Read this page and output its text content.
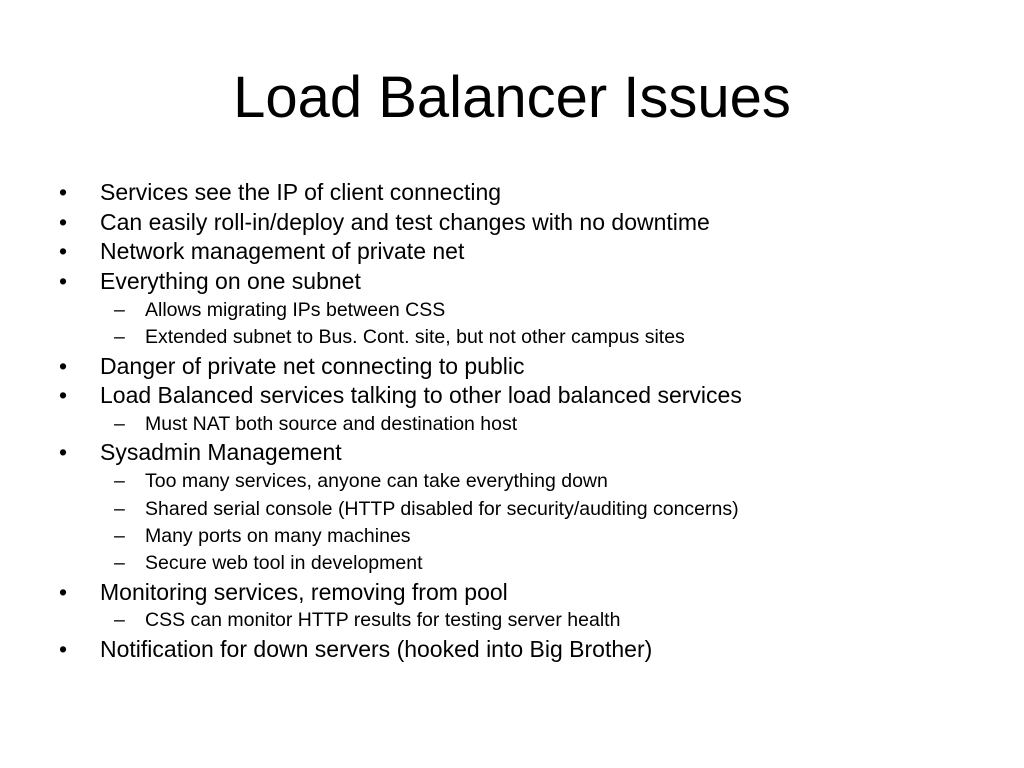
Load Balancer Issues
• Services see the IP of client connecting
• Can easily roll-in/deploy and test changes with no downtime
• Network management of private net
• Everything on one subnet
– Allows migrating IPs between CSS
– Extended subnet to Bus. Cont. site, but not other campus sites
• Danger of private net connecting to public
• Load Balanced services talking to other load balanced services
– Must NAT both source and destination host
• Sysadmin Management
– Too many services, anyone can take everything down
– Shared serial console (HTTP disabled for security/auditing concerns)
– Many ports on many machines
– Secure web tool in development
• Monitoring services, removing from pool
– CSS can monitor HTTP results for testing server health
• Notification for down servers (hooked into Big Brother)
